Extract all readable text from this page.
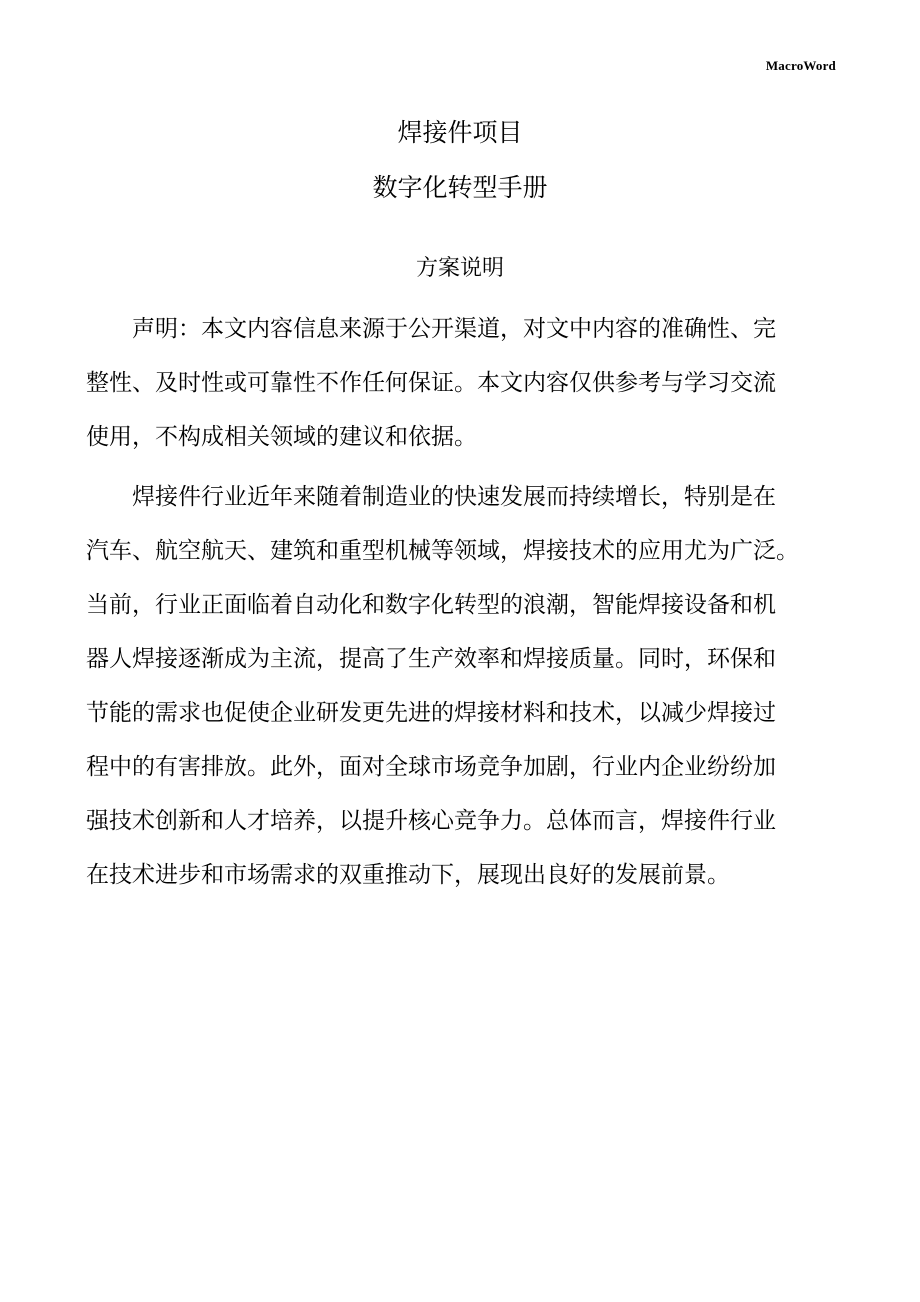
MacroWord
焊接件项目
数字化转型手册
方案说明
声明：本文内容信息来源于公开渠道，对文中内容的准确性、完
整性、及时性或可靠性不作任何保证。本文内容仅供参考与学习交流
使用，不构成相关领域的建议和依据。
焊接件行业近年来随着制造业的快速发展而持续增长，特别是在
汽车、航空航天、建筑和重型机械等领域，焊接技术的应用尤为广泛。
当前，行业正面临着自动化和数字化转型的浪潮，智能焊接设备和机
器人焊接逐渐成为主流，提高了生产效率和焊接质量。同时，环保和
节能的需求也促使企业研发更先进的焊接材料和技术，以减少焊接过
程中的有害排放。此外，面对全球市场竞争加剧，行业内企业纷纷加
强技术创新和人才培养，以提升核心竞争力。总体而言，焊接件行业
在技术进步和市场需求的双重推动下，展现出良好的发展前景。
